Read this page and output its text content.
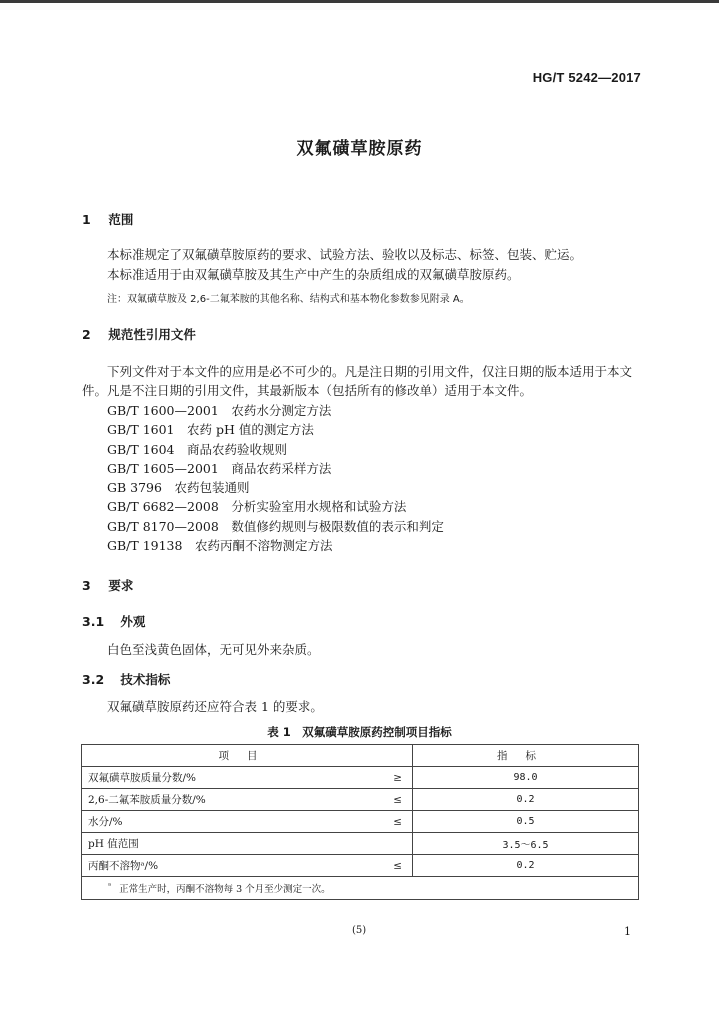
HG/T 5242—2017
双氟磺草胺原药
1 范围
本标准规定了双氟磺草胺原药的要求、试验方法、验收以及标志、标签、包装、贮运。
本标准适用于由双氟磺草胺及其生产中产生的杂质组成的双氟磺草胺原药。
注：双氟磺草胺及 2,6-二氟苯胺的其他名称、结构式和基本物化参数参见附录 A。
2 规范性引用文件
下列文件对于本文件的应用是必不可少的。凡是注日期的引用文件，仅注日期的版本适用于本文件。凡是不注日期的引用文件，其最新版本（包括所有的修改单）适用于本文件。
GB/T 1600—2001　农药水分测定方法
GB/T 1601　农药 pH 值的测定方法
GB/T 1604　商品农药验收规则
GB/T 1605—2001　商品农药采样方法
GB 3796　农药包装通则
GB/T 6682—2008　分析实验室用水规格和试验方法
GB/T 8170—2008　数值修约规则与极限数值的表示和判定
GB/T 19138　农药丙酮不溶物测定方法
3 要求
3.1 外观
白色至浅黄色固体，无可见外来杂质。
3.2 技术指标
双氟磺草胺原药还应符合表 1 的要求。
表 1　双氟磺草胺原药控制项目指标
项目		指标
双氟磺草胺质量分数/%	≥	98.0
2,6-二氟苯胺质量分数/%	≤	0.2
水分/%	≤	0.5
pH 值范围		3.5～6.5
丙酮不溶物ᵃ/%	≤	0.2
$^ᵃ$ 正常生产时，丙酮不溶物每 3 个月至少测定一次。		
(5)	1
